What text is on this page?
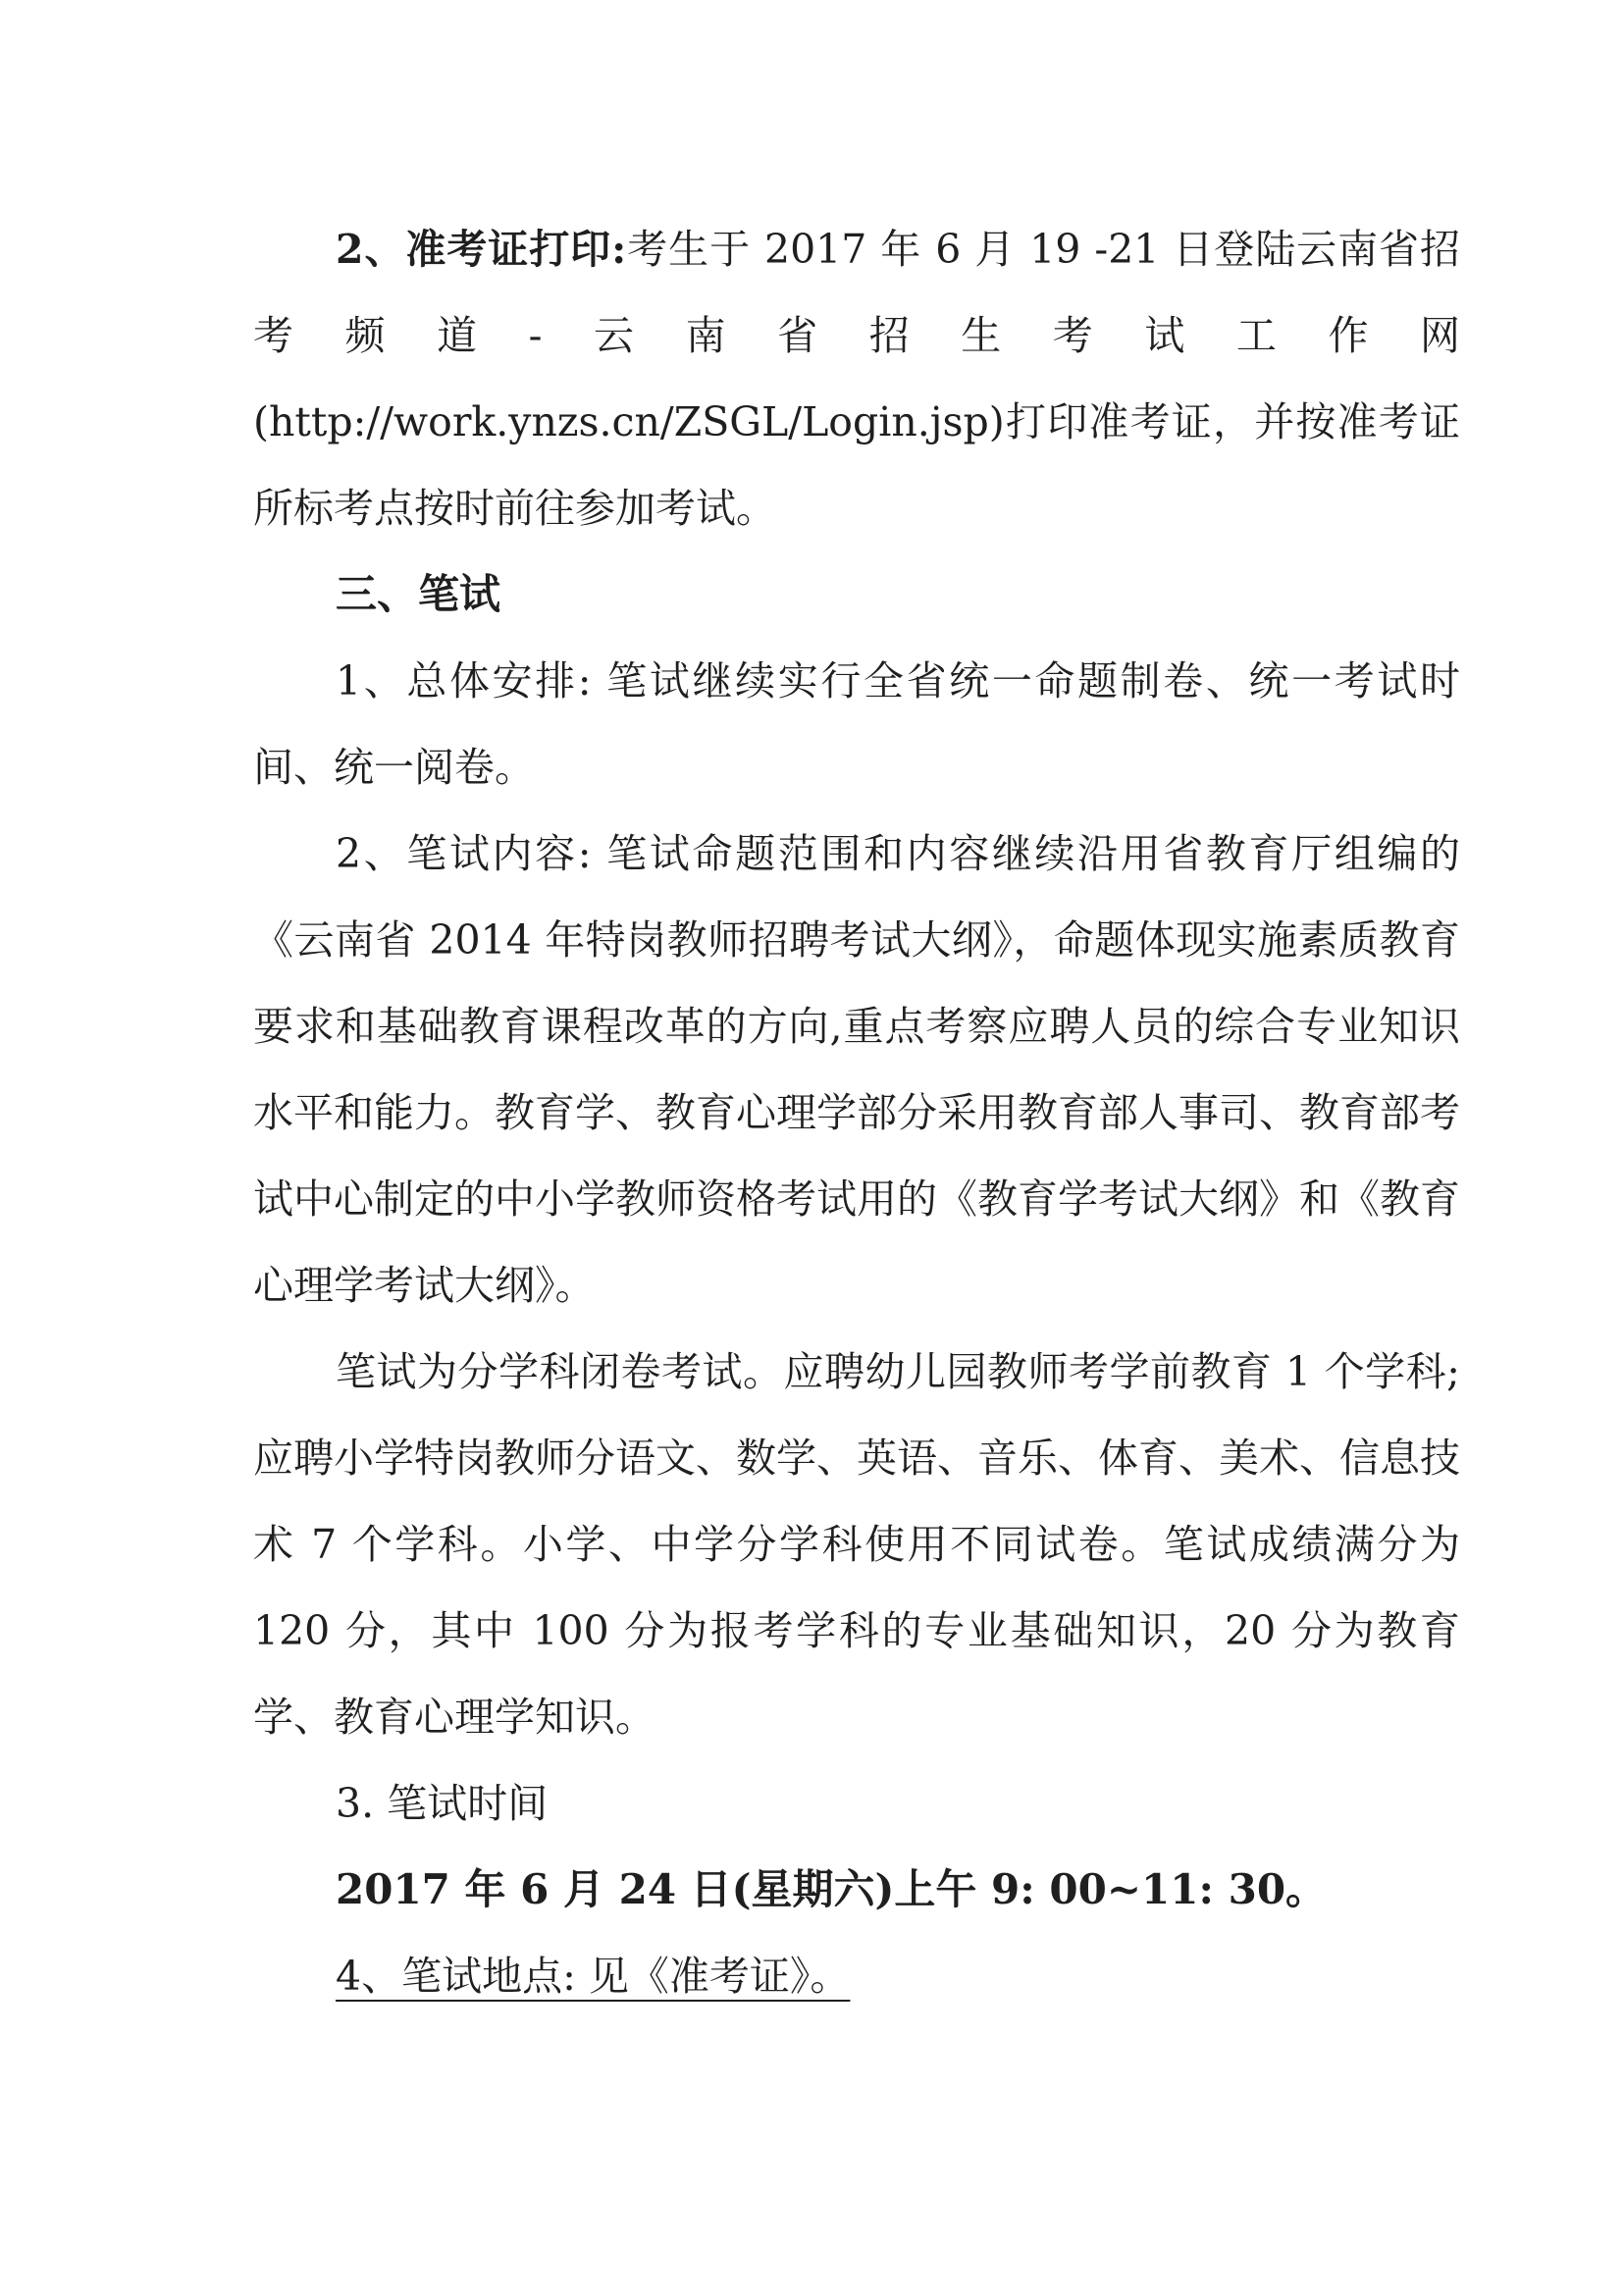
2、准考证打印:考生于 2017 年 6 月 19 -21 日登陆云南省招考频道-云南省招生考试工作网(http://work.ynzs.cn/ZSGL/Login.jsp)打印准考证，并按准考证所标考点按时前往参加考试。

三、笔试

1、总体安排: 笔试继续实行全省统一命题制卷、统一考试时间、统一阅卷。

2、笔试内容: 笔试命题范围和内容继续沿用省教育厅组编的《云南省 2014 年特岗教师招聘考试大纲》，命题体现实施素质教育要求和基础教育课程改革的方向,重点考察应聘人员的综合专业知识水平和能力。教育学、教育心理学部分采用教育部人事司、教育部考试中心制定的中小学教师资格考试用的《教育学考试大纲》和《教育心理学考试大纲》。

笔试为分学科闭卷考试。应聘幼儿园教师考学前教育 1 个学科; 应聘小学特岗教师分语文、数学、英语、音乐、体育、美术、信息技术 7 个学科。小学、中学分学科使用不同试卷。笔试成绩满分为 120 分，其中 100 分为报考学科的专业基础知识，20 分为教育学、教育心理学知识。

3. 笔试时间

2017 年 6 月 24 日(星期六)上午 9: 00~11: 30。

4、笔试地点: 见《准考证》。
